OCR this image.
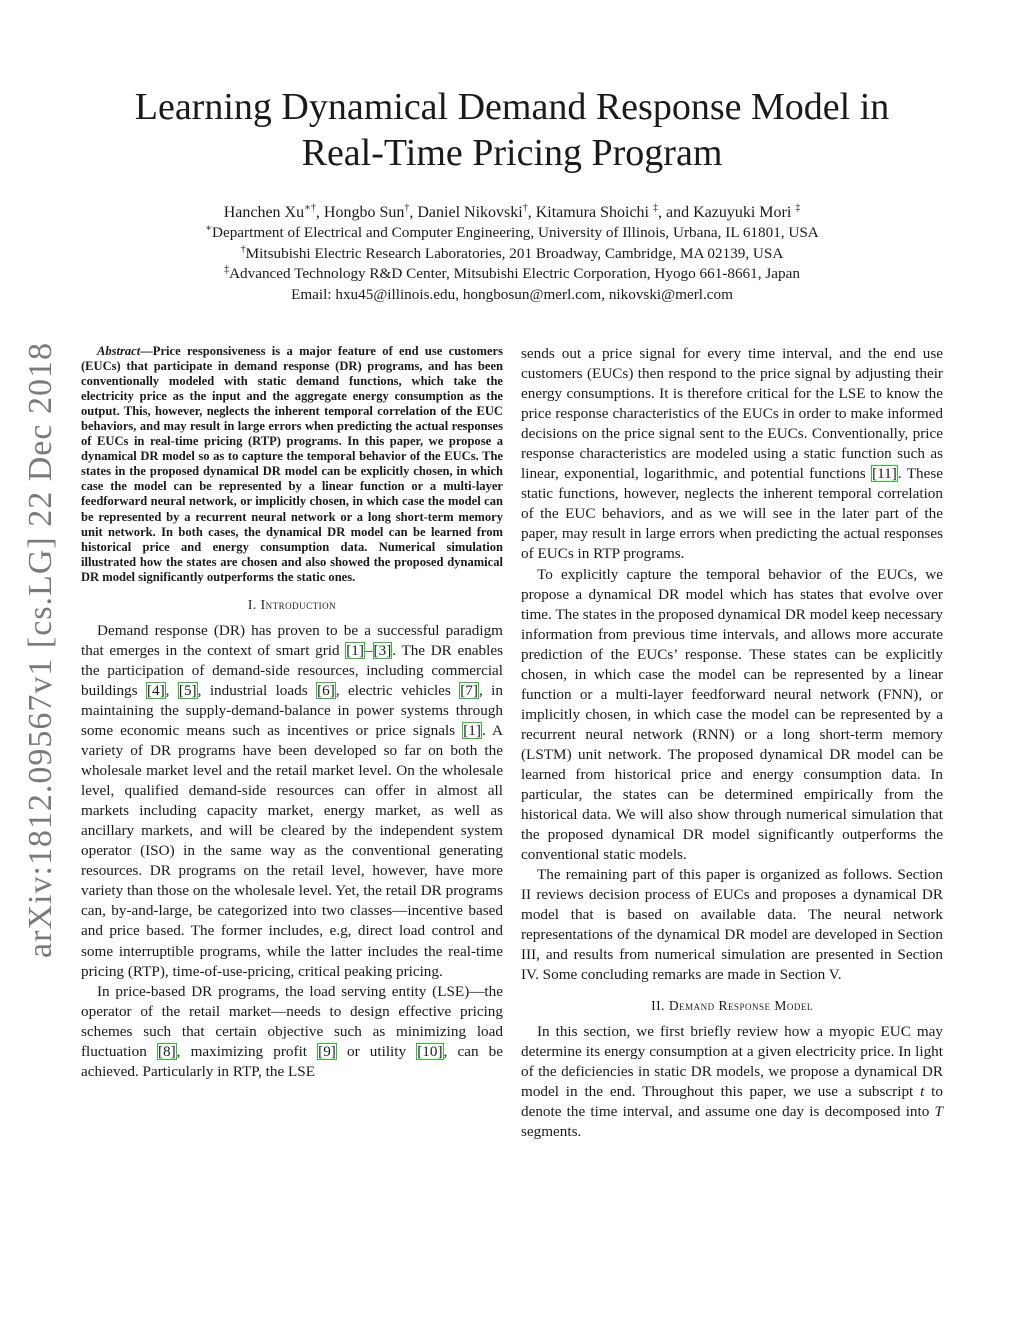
arXiv:1812.09567v1 [cs.LG] 22 Dec 2018
Learning Dynamical Demand Response Model in
Real-Time Pricing Program
Hanchen Xu∗†, Hongbo Sun†, Daniel Nikovski†, Kitamura Shoichi ‡, and Kazuyuki Mori ‡
∗Department of Electrical and Computer Engineering, University of Illinois, Urbana, IL 61801, USA
†Mitsubishi Electric Research Laboratories, 201 Broadway, Cambridge, MA 02139, USA
‡Advanced Technology R&D Center, Mitsubishi Electric Corporation, Hyogo 661-8661, Japan
Email: hxu45@illinois.edu, hongbosun@merl.com, nikovski@merl.com

Abstract—Price responsiveness is a major feature of end use customers (EUCs) that participate in demand response (DR) programs, and has been conventionally modeled with static demand functions, which take the electricity price as the input and the aggregate energy consumption as the output. This, however, neglects the inherent temporal correlation of the EUC behaviors, and may result in large errors when predicting the actual responses of EUCs in real-time pricing (RTP) programs. In this paper, we propose a dynamical DR model so as to capture the temporal behavior of the EUCs. The states in the proposed dynamical DR model can be explicitly chosen, in which case the model can be represented by a linear function or a multi-layer feedforward neural network, or implicitly chosen, in which case the model can be represented by a recurrent neural network or a long short-term memory unit network. In both cases, the dynamical DR model can be learned from historical price and energy consumption data. Numerical simulation illustrated how the states are chosen and also showed the proposed dynamical DR model significantly outperforms the static ones.

I. Introduction

Demand response (DR) has proven to be a successful paradigm that emerges in the context of smart grid [1]–[3]. The DR enables the participation of demand-side resources, including commercial buildings [4], [5], industrial loads [6], electric vehicles [7], in maintaining the supply-demand-balance in power systems through some economic means such as incentives or price signals [1]. A variety of DR programs have been developed so far on both the wholesale market level and the retail market level. On the wholesale level, qualified demand-side resources can offer in almost all markets including capacity market, energy market, as well as ancillary markets, and will be cleared by the independent system operator (ISO) in the same way as the conventional generating resources. DR programs on the retail level, however, have more variety than those on the wholesale level. Yet, the retail DR programs can, by-and-large, be categorized into two classes—incentive based and price based. The former includes, e.g, direct load control and some interruptible programs, while the latter includes the real-time pricing (RTP), time-of-use-pricing, critical peaking pricing.

In price-based DR programs, the load serving entity (LSE)—the operator of the retail market—needs to design effective pricing schemes such that certain objective such as minimizing load fluctuation [8], maximizing profit [9] or utility [10], can be achieved. Particularly in RTP, the LSE

sends out a price signal for every time interval, and the end use customers (EUCs) then respond to the price signal by adjusting their energy consumptions. It is therefore critical for the LSE to know the price response characteristics of the EUCs in order to make informed decisions on the price signal sent to the EUCs. Conventionally, price response characteristics are modeled using a static function such as linear, exponential, logarithmic, and potential functions [11]. These static functions, however, neglects the inherent temporal correlation of the EUC behaviors, and as we will see in the later part of the paper, may result in large errors when predicting the actual responses of EUCs in RTP programs.

To explicitly capture the temporal behavior of the EUCs, we propose a dynamical DR model which has states that evolve over time. The states in the proposed dynamical DR model keep necessary information from previous time intervals, and allows more accurate prediction of the EUCs’ response. These states can be explicitly chosen, in which case the model can be represented by a linear function or a multi-layer feedforward neural network (FNN), or implicitly chosen, in which case the model can be represented by a recurrent neural network (RNN) or a long short-term memory (LSTM) unit network. The proposed dynamical DR model can be learned from historical price and energy consumption data. In particular, the states can be determined empirically from the historical data. We will also show through numerical simulation that the proposed dynamical DR model significantly outperforms the conventional static models.

The remaining part of this paper is organized as follows. Section II reviews decision process of EUCs and proposes a dynamical DR model that is based on available data. The neural network representations of the dynamical DR model are developed in Section III, and results from numerical simulation are presented in Section IV. Some concluding remarks are made in Section V.

II. Demand Response Model

In this section, we first briefly review how a myopic EUC may determine its energy consumption at a given electricity price. In light of the deficiencies in static DR models, we propose a dynamical DR model in the end. Throughout this paper, we use a subscript t to denote the time interval, and assume one day is decomposed into T segments.
